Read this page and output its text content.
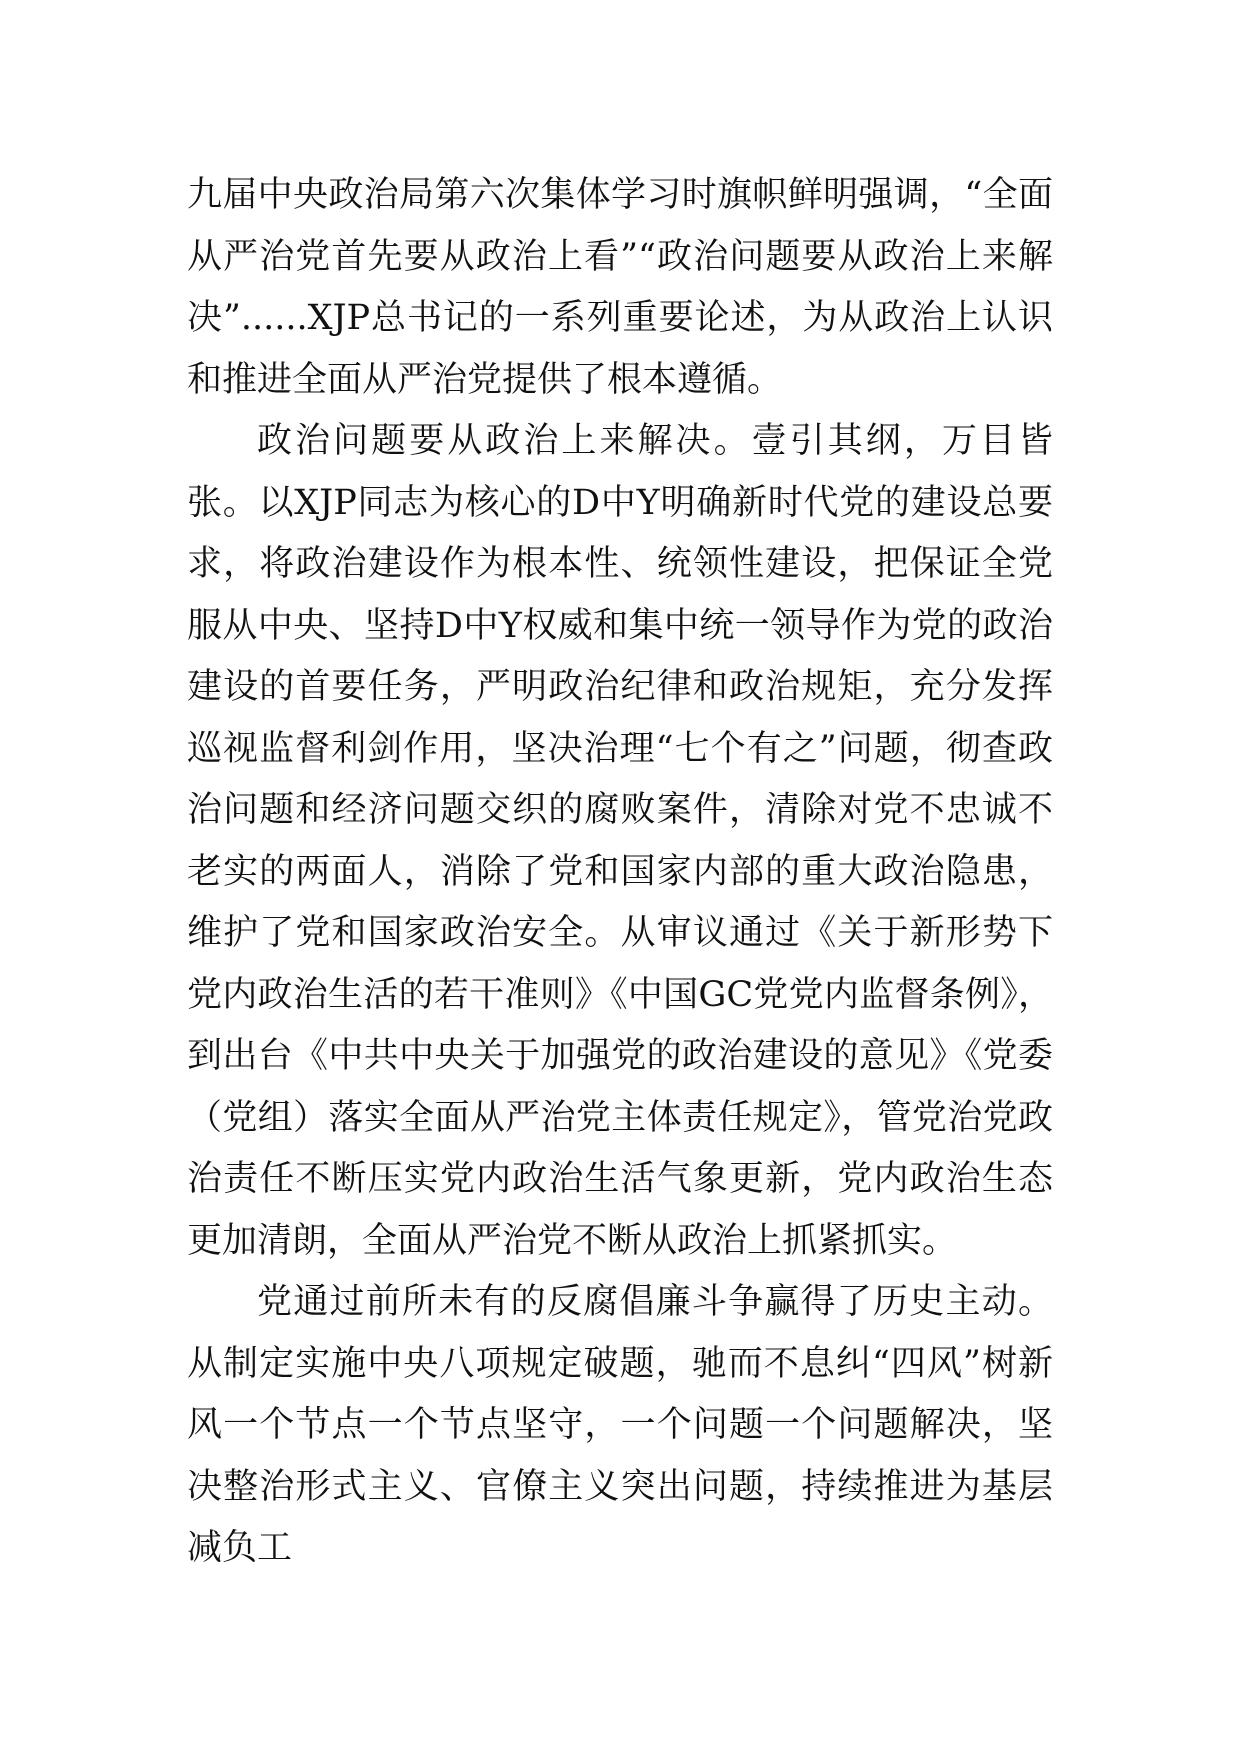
九届中央政治局第六次集体学习时旗帜鲜明强调，“全面从严治党首先要从政治上看”“政治问题要从政治上来解决”......XJP总书记的一系列重要论述，为从政治上认识和推进全面从严治党提供了根本遵循。

政治问题要从政治上来解决。壹引其纲，万目皆张。以XJP同志为核心的D中Y明确新时代党的建设总要求，将政治建设作为根本性、统领性建设，把保证全党服从中央、坚持D中Y权威和集中统一领导作为党的政治建设的首要任务，严明政治纪律和政治规矩，充分发挥巡视监督利剑作用，坚决治理“七个有之”问题，彻查政治问题和经济问题交织的腐败案件，清除对党不忠诚不老实的两面人，消除了党和国家内部的重大政治隐患，维护了党和国家政治安全。从审议通过《关于新形势下党内政治生活的若干准则》《中国GC党党内监督条例》，到出台《中共中央关于加强党的政治建设的意见》《党委（党组）落实全面从严治党主体责任规定》，管党治党政治责任不断压实党内政治生活气象更新，党内政治生态更加清朗，全面从严治党不断从政治上抓紧抓实。

党通过前所未有的反腐倡廉斗争赢得了历史主动。从制定实施中央八项规定破题，驰而不息纠“四风”树新风一个节点一个节点坚守，一个问题一个问题解决，坚决整治形式主义、官僚主义突出问题，持续推进为基层减负工
